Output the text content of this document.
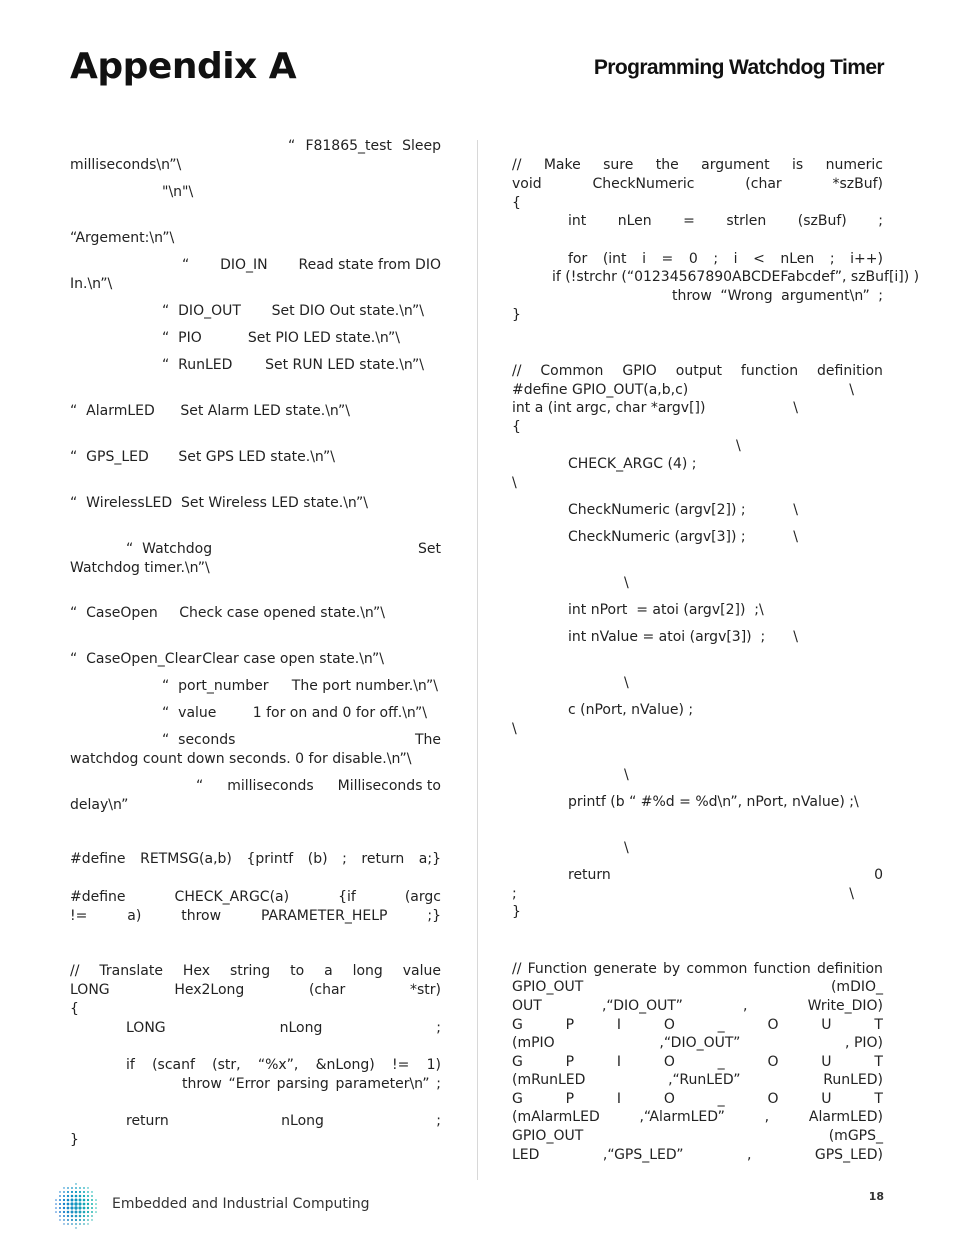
Appendix A	Programming Watchdog Timer
“ F81865_test Sleep
milliseconds\n”\
"\n"\
“Argement:\n”\
“ DIO_IN Read state from DIO
In.\n”\
“  DIO_OUT Set DIO Out state.\n”\
“  PIO	Set PIO LED state.\n”\
“  RunLED Set RUN LED state.\n”\
“  AlarmLED Set Alarm LED state.\n”\
“  GPS_LED Set GPS LED state.\n”\
“  WirelessLED Set Wireless LED state.\n”\
“  Watchdog	Set
Watchdog timer.\n”\
“  CaseOpen Check case opened state.\n”\
“  CaseOpen_Clear Clear case open state.\n”\
“  port_number The port number.\n”\
“  value	1 for on and 0 for off.\n”\
“  seconds	The
watchdog count down seconds. 0 for disable.\n”\
“ milliseconds Milliseconds to
delay\n”
#define RETMSG(a,b) {printf (b) ; return a;}
#define	CHECK_ARGC(a)	{if	(argc
!=	a)	throw	PARAMETER_HELP	;}
// Translate Hex string to a long value
LONG	Hex2Long	(char	*str)
{
LONG	nLong	;
if (scanf (str, “%x”, &nLong) != 1)
throw “Error parsing parameter\n” ;
return	nLong	;
}
// Make sure the argument is numeric
void	CheckNumeric	(char	*szBuf)
{
int nLen = strlen (szBuf) ;
for (int i = 0 ; i < nLen ; i++)
if (!strchr (“01234567890ABCDEFabcdef”, szBuf[i]) )
throw “Wrong argument\n” ;
}
// Common GPIO output function definition
#define GPIO_OUT(a,b,c)	\
int a (int argc, char *argv[])	\
{
\
CHECK_ARGC (4) ;
\
CheckNumeric (argv[2]) ;	\
CheckNumeric (argv[3]) ;	\
\
int nPort  = atoi (argv[2])  ;\
int nValue = atoi (argv[3])  ; \
\
c (nPort, nValue) ;
\
\
printf (b “ #%d = %d\n”, nPort, nValue) ; \
\
return	0
;	\
}
// Function generate by common function definition
GPIO_OUT	(mDIO_
OUT	,“DIO_OUT”	,	Write_DIO)
G	P	I	O	_	O	U	T
(mPIO	,“DIO_OUT”	, PIO)
G	P	I	O	_	O	U	T
(mRunLED	,“RunLED”	RunLED)
G	P	I	O	_	O	U	T
(mAlarmLED	,“AlarmLED”	,	AlarmLED)
GPIO_OUT	(mGPS_
LED	,“GPS_LED”	,	GPS_LED)
Embedded and Industrial Computing	18
